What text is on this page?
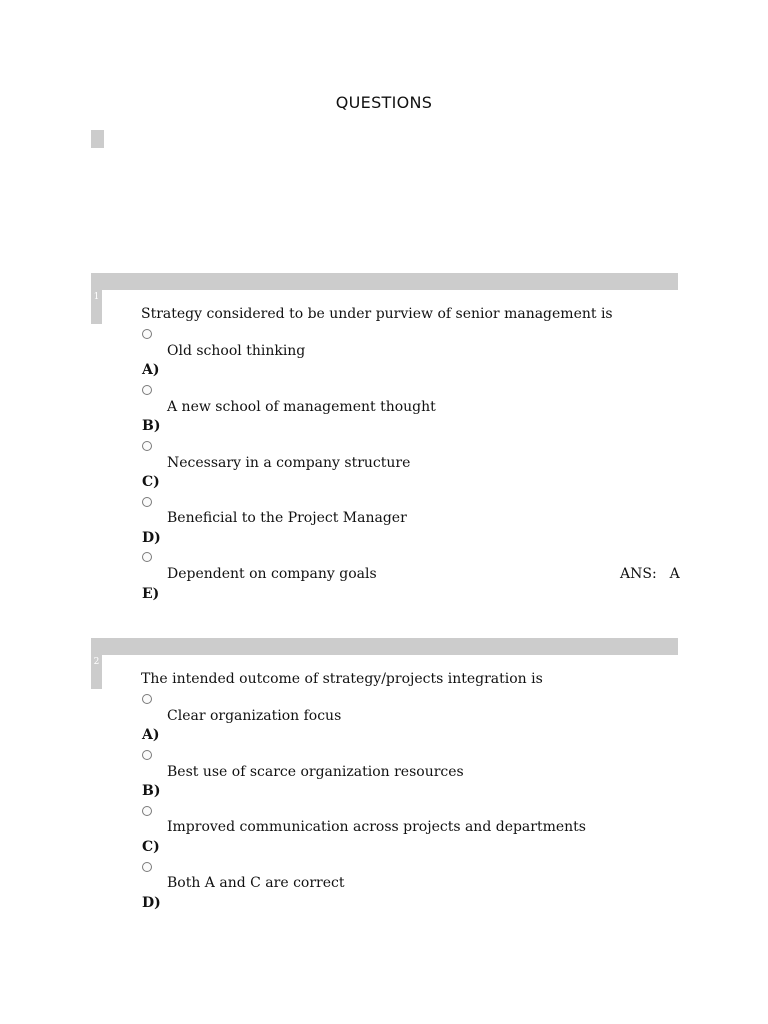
QUESTIONS
1
Strategy considered to be under purview of senior management is
Old school thinking
A)
A new school of management thought
B)
Necessary in a company structure
C)
Beneficial to the Project Manager
D)
Dependent on company goals
E)
ANS: A
2
The intended outcome of strategy/projects integration is
Clear organization focus
A)
Best use of scarce organization resources
B)
Improved communication across projects and departments
C)
Both A and C are correct
D)
